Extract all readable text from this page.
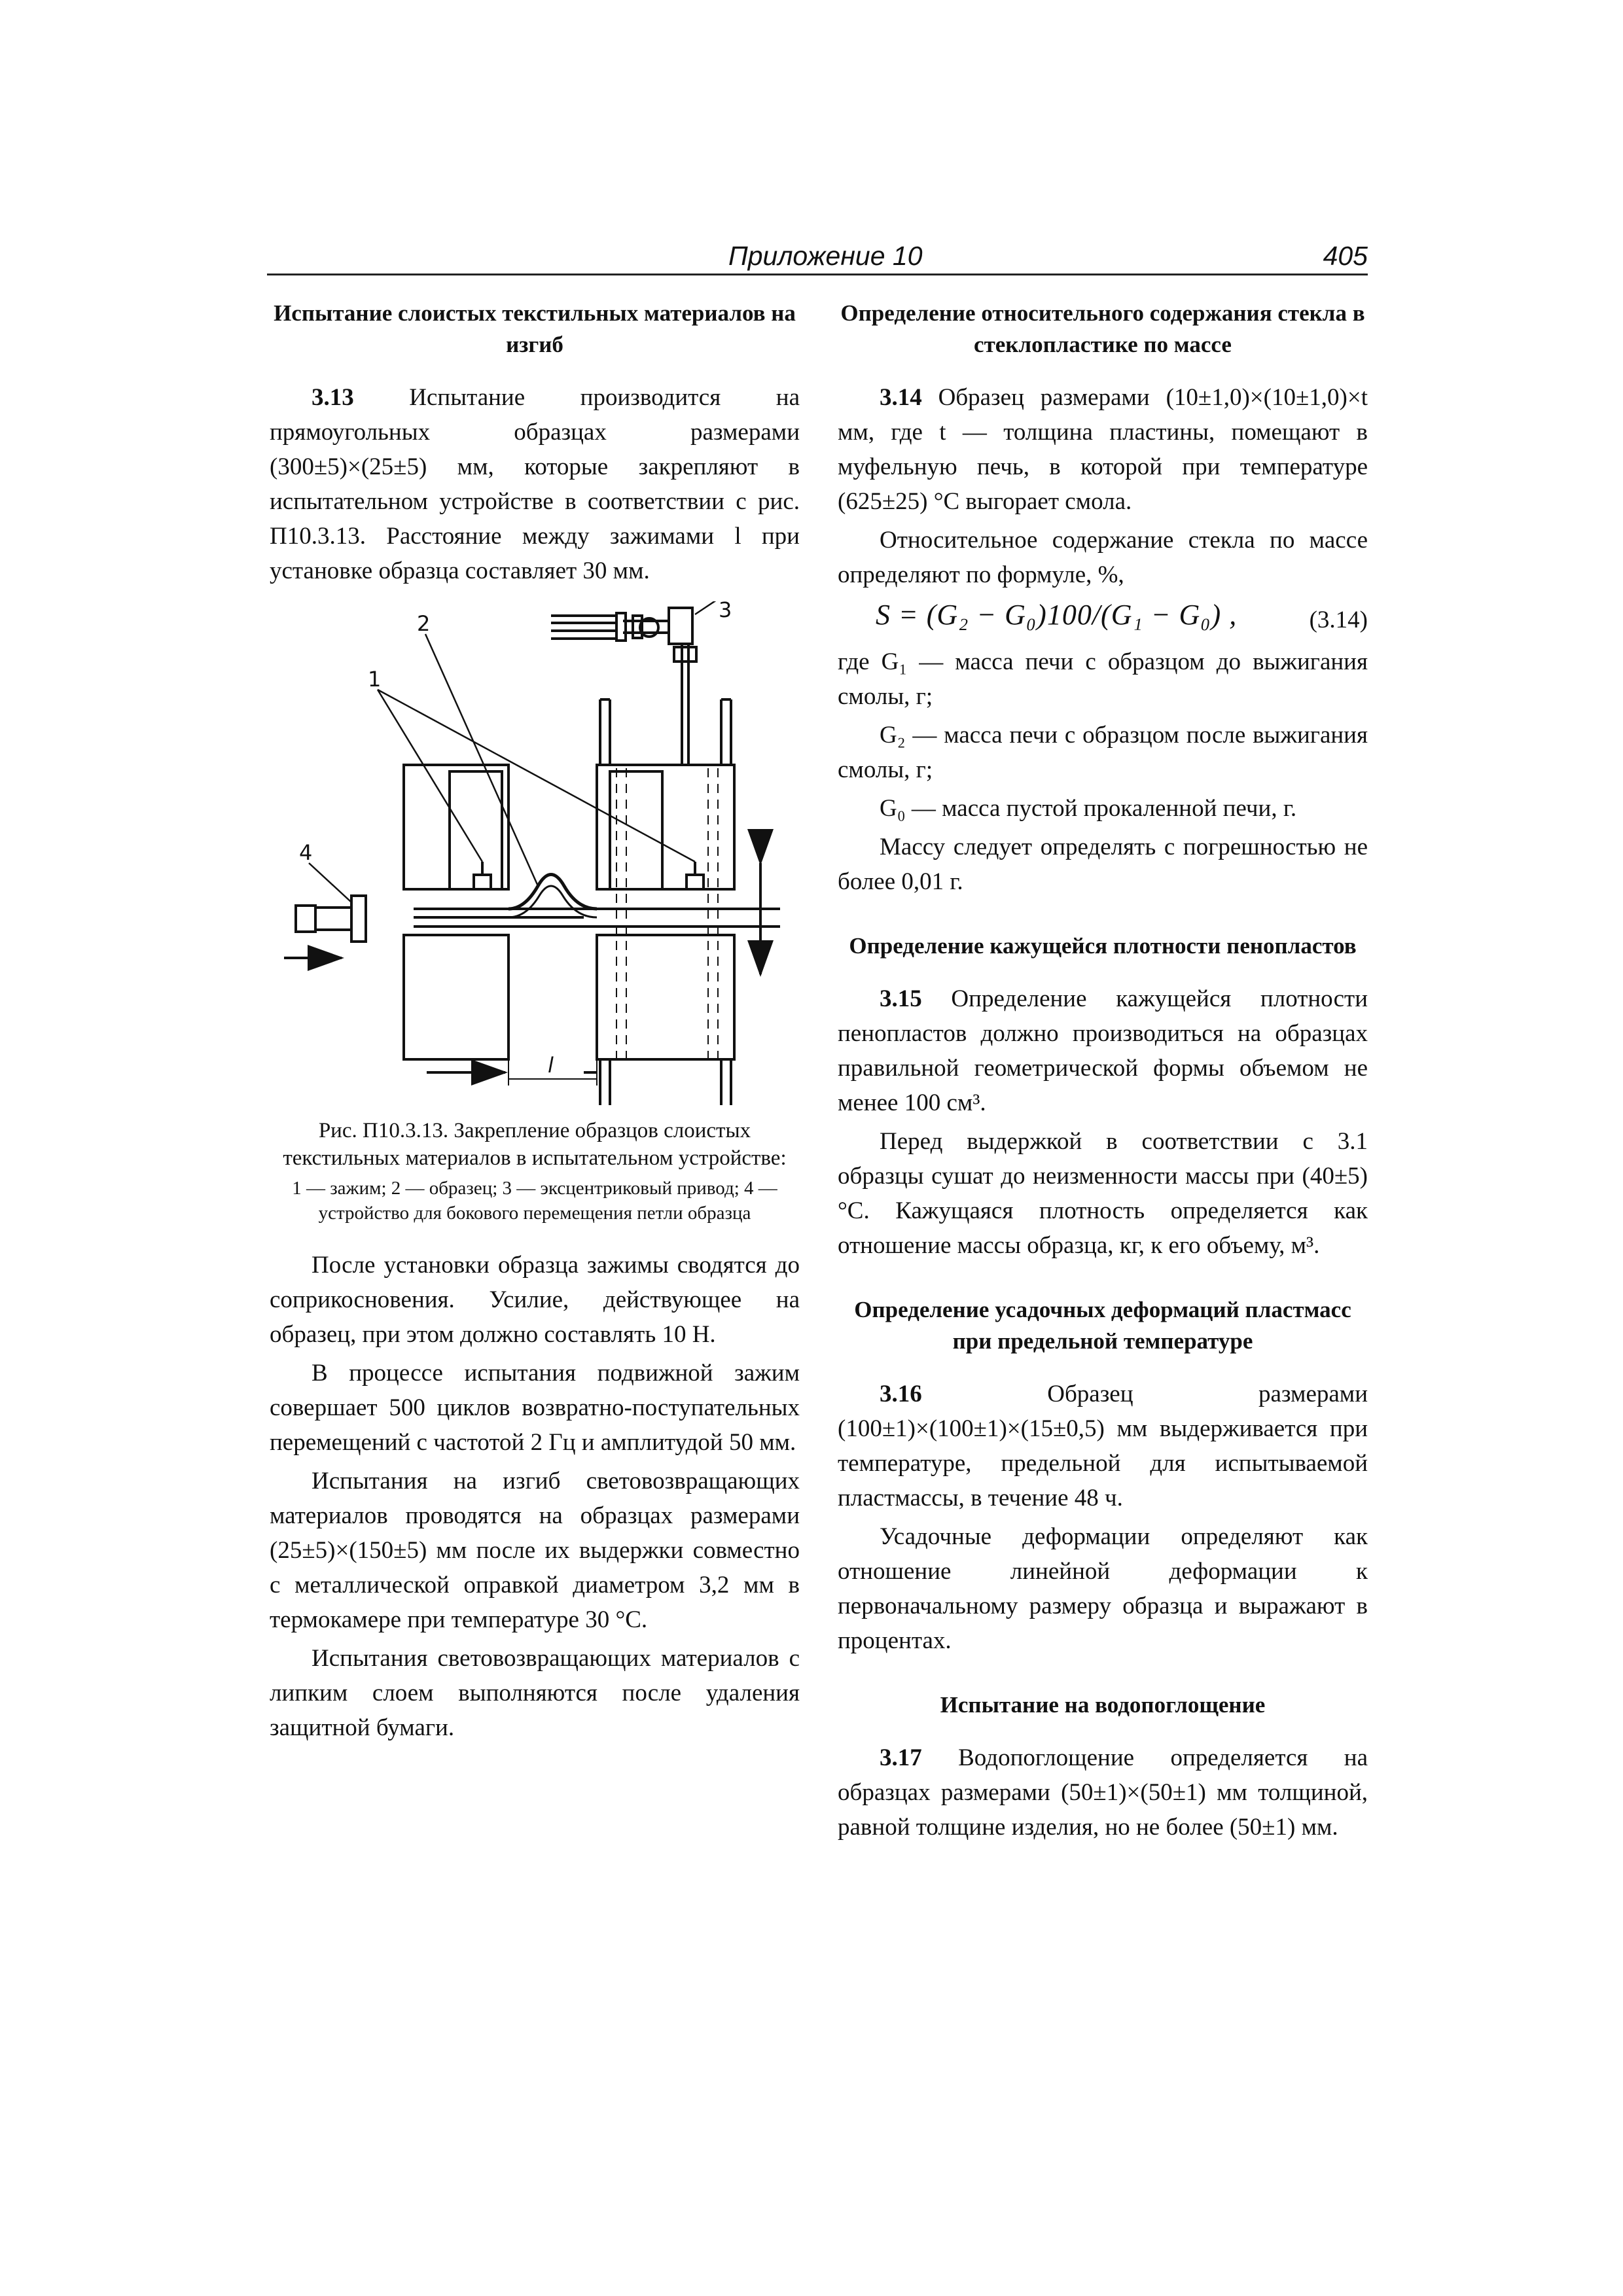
Приложение 10	405
Испытание слоистых текстильных материалов на изгиб

3.13 Испытание производится на прямоугольных образцах размерами (300±5)×(25±5) мм, которые закрепляют в испытательном устройстве в соответствии с рис. П10.3.13. Расстояние между зажимами l при установке образца составляет 30 мм.

1
2
3
4
l
Рис. П10.3.13. Закрепление образцов слоистых текстильных материалов в испытательном устройстве:
1 — зажим; 2 — образец; 3 — эксцентриковый привод; 4 — устройство для бокового перемещения петли образца

После установки образца зажимы сводятся до соприкосновения. Усилие, действующее на образец, при этом должно составлять 10 Н.

В процессе испытания подвижной зажим совершает 500 циклов возвратно-поступательных перемещений с частотой 2 Гц и амплитудой 50 мм.

Испытания на изгиб световозвращающих материалов проводятся на образцах размерами (25±5)×(150±5) мм после их выдержки совместно с металлической оправкой диаметром 3,2 мм в термокамере при температуре 30 °С.

Испытания световозвращающих материалов с липким слоем выполняются после удаления защитной бумаги.

Определение относительного содержания стекла в стеклопластике по массе

3.14 Образец размерами (10±1,0)×(10±1,0)×t мм, где t — толщина пластины, помещают в муфельную печь, в которой при температуре (625±25) °С выгорает смола.

Относительное содержание стекла по массе определяют по формуле, %,

S = (G₂ − G₀)100/(G₁ − G₀) ,	(3.14)

где G₁ — масса печи с образцом до выжигания смолы, г;

G₂ — масса печи с образцом после выжигания смолы, г;

G₀ — масса пустой прокаленной печи, г.

Массу следует определять с погрешностью не более 0,01 г.

Определение кажущейся плотности пенопластов

3.15 Определение кажущейся плотности пенопластов должно производиться на образцах правильной геометрической формы объемом не менее 100 см³.

Перед выдержкой в соответствии с 3.1 образцы сушат до неизменности массы при (40±5) °С. Кажущаяся плотность определяется как отношение массы образца, кг, к его объему, м³.

Определение усадочных деформаций пластмасс при предельной температуре

3.16 Образец размерами (100±1)×(100±1)×(15±0,5) мм выдерживается при температуре, предельной для испытываемой пластмассы, в течение 48 ч.

Усадочные деформации определяют как отношение линейной деформации к первоначальному размеру образца и выражают в процентах.

Испытание на водопоглощение

3.17 Водопоглощение определяется на образцах размерами (50±1)×(50±1) мм толщиной, равной толщине изделия, но не более (50±1) мм.
